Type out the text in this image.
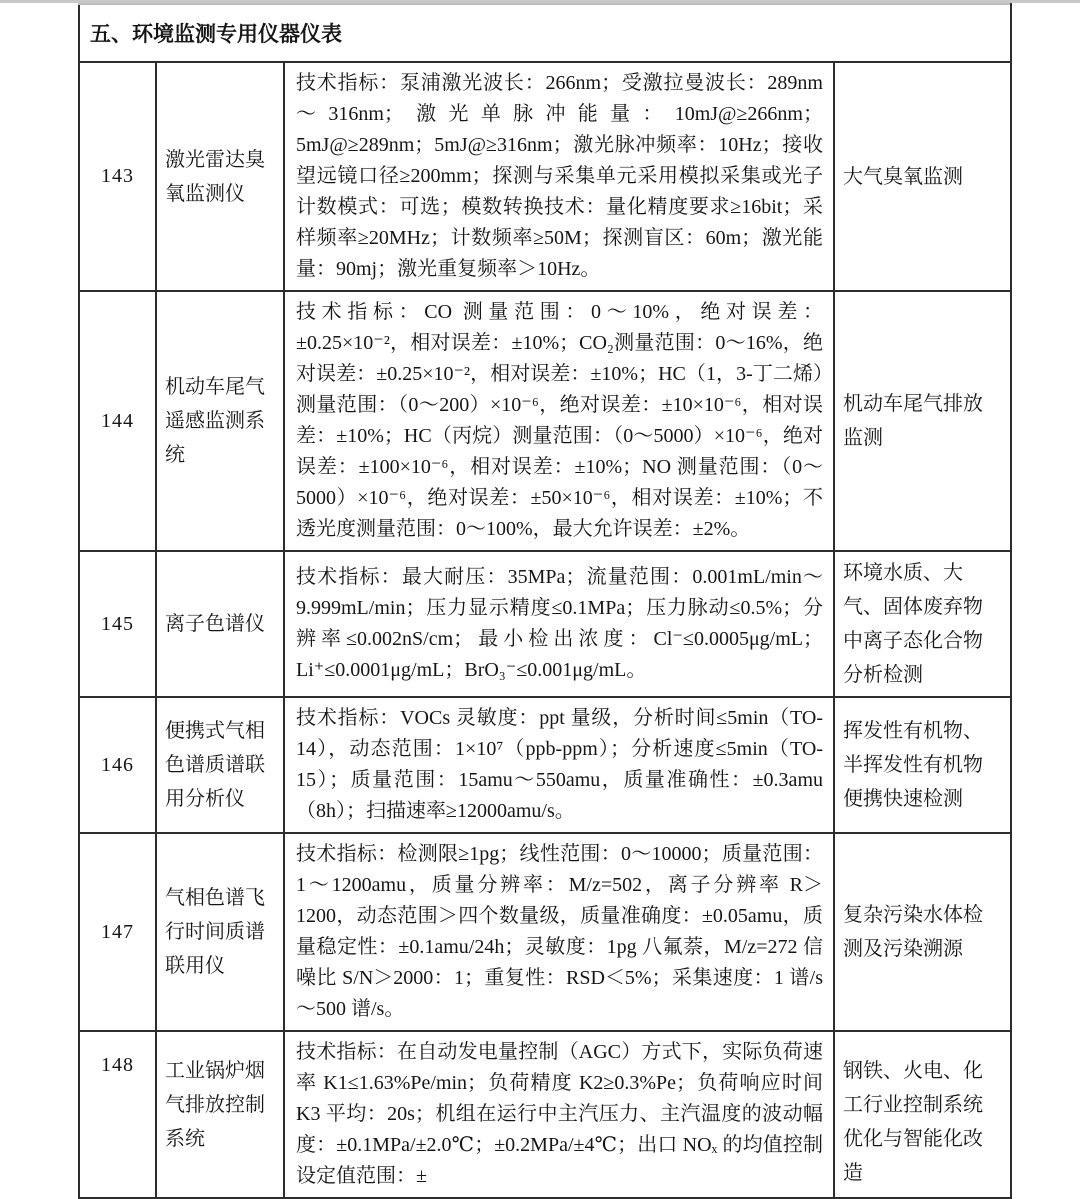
五、环境监测专用仪器仪表			
143	激光雷达臭氧监测仪	技术指标：泵浦激光波长：266nm；受激拉曼波长：289nm～316nm；激光单脉冲能量：10mJ@≥266nm；5mJ@≥289nm；5mJ@≥316nm；激光脉冲频率：10Hz；接收望远镜口径≥200mm；探测与采集单元采用模拟采集或光子计数模式：可选；模数转换技术：量化精度要求≥16bit；采样频率≥20MHz；计数频率≥50M；探测盲区：60m；激光能量：90mj；激光重复频率＞10Hz。	大气臭氧监测
144	机动车尾气遥感监测系统	技术指标：CO 测量范围：0～10%，绝对误差：±0.25×10⁻²，相对误差：±10%；CO₂测量范围：0～16%，绝对误差：±0.25×10⁻²，相对误差：±10%；HC（1，3-丁二烯）测量范围：（0～200）×10⁻⁶，绝对误差：±10×10⁻⁶，相对误差：±10%；HC（丙烷）测量范围：（0～5000）×10⁻⁶，绝对误差：±100×10⁻⁶，相对误差：±10%；NO 测量范围：（0～5000）×10⁻⁶，绝对误差：±50×10⁻⁶，相对误差：±10%；不透光度测量范围：0～100%，最大允许误差：±2%。	机动车尾气排放监测
145	离子色谱仪	技术指标：最大耐压：35MPa；流量范围：0.001mL/min～9.999mL/min；压力显示精度≤0.1MPa；压力脉动≤0.5%；分辨率≤0.002nS/cm；最小检出浓度：Cl⁻≤0.0005μg/mL；Li⁺≤0.0001μg/mL；BrO₃⁻≤0.001μg/mL。	环境水质、大气、固体废弃物中离子态化合物分析检测
146	便携式气相色谱质谱联用分析仪	技术指标：VOCs 灵敏度：ppt 量级，分析时间≤5min（TO-14），动态范围：1×10⁷（ppb-ppm）；分析速度≤5min（TO-15）；质量范围：15amu～550amu，质量准确性：±0.3amu（8h）；扫描速率≥12000amu/s。	挥发性有机物、半挥发性有机物便携快速检测
147	气相色谱飞行时间质谱联用仪	技术指标：检测限≥1pg；线性范围：0～10000；质量范围：1～1200amu，质量分辨率：M/z=502，离子分辨率 R＞1200，动态范围＞四个数量级，质量准确度：±0.05amu，质量稳定性：±0.1amu/24h；灵敏度：1pg 八氟萘，M/z=272 信噪比 S/N＞2000：1；重复性：RSD＜5%；采集速度：1 谱/s～500 谱/s。	复杂污染水体检测及污染溯源
148	工业锅炉烟气排放控制系统	技术指标：在自动发电量控制（AGC）方式下，实际负荷速率 K1≤1.63%Pe/min；负荷精度 K2≥0.3%Pe；负荷响应时间 K3 平均：20s；机组在运行中主汽压力、主汽温度的波动幅度：±0.1MPa/±2.0℃；±0.2MPa/±4℃；出口 NOₓ 的均值控制设定值范围：±	钢铁、火电、化工行业控制系统优化与智能化改造
